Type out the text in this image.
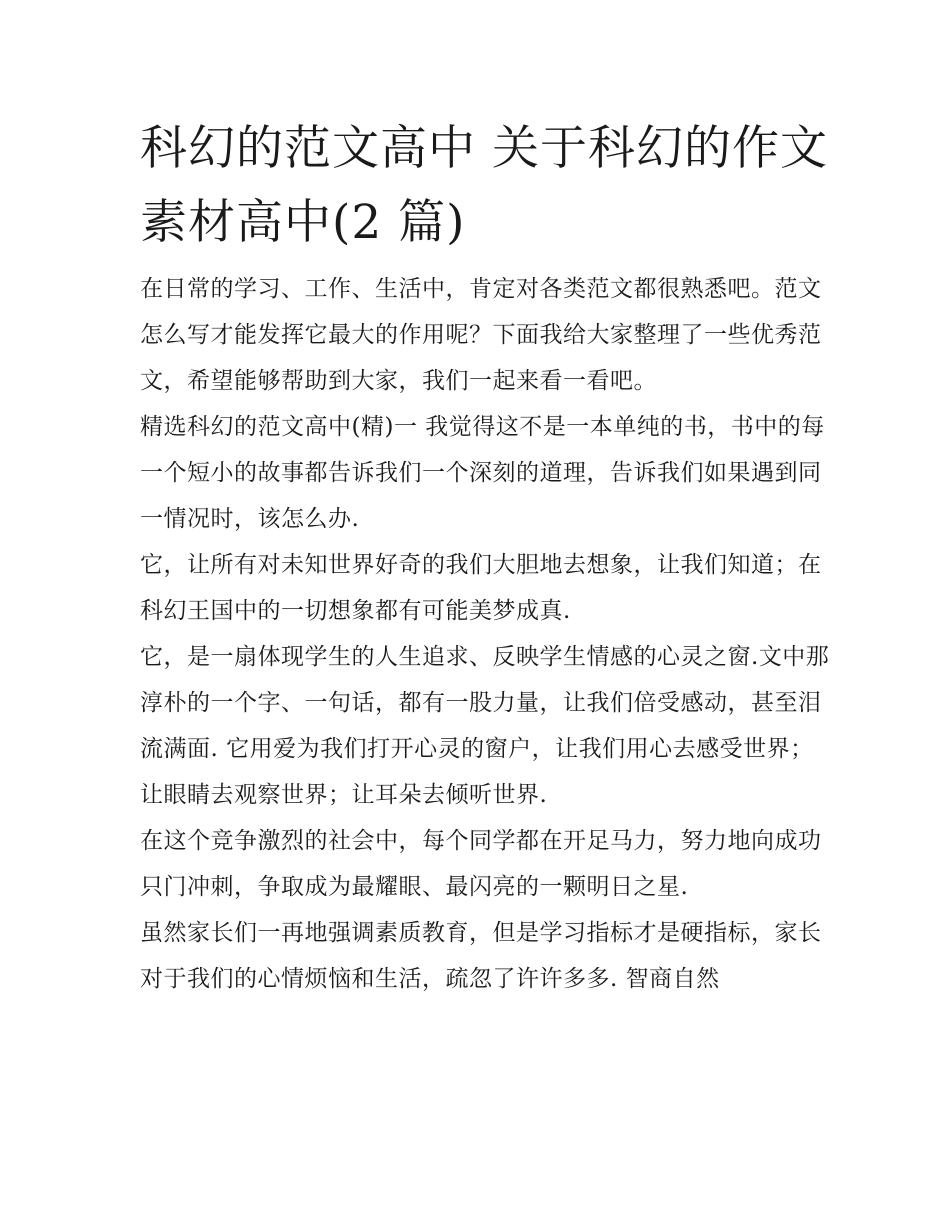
科幻的范文高中 关于科幻的作文素材高中(2 篇)

在日常的学习、工作、生活中，肯定对各类范文都很熟悉吧。范文怎么写才能发挥它最大的作用呢？下面我给大家整理了一些优秀范文，希望能够帮助到大家，我们一起来看一看吧。

精选科幻的范文高中(精)一 我觉得这不是一本单纯的书，书中的每一个短小的故事都告诉我们一个深刻的道理，告诉我们如果遇到同一情况时，该怎么办.

它，让所有对未知世界好奇的我们大胆地去想象，让我们知道；在科幻王国中的一切想象都有可能美梦成真.

它，是一扇体现学生的人生追求、反映学生情感的心灵之窗.文中那淳朴的一个字、一句话，都有一股力量，让我们倍受感动，甚至泪流满面. 它用爱为我们打开心灵的窗户，让我们用心去感受世界；让眼睛去观察世界；让耳朵去倾听世界.

在这个竞争激烈的社会中，每个同学都在开足马力，努力地向成功只门冲刺，争取成为最耀眼、最闪亮的一颗明日之星.

虽然家长们一再地强调素质教育，但是学习指标才是硬指标，家长对于我们的心情烦恼和生活，疏忽了许许多多. 智商自然
